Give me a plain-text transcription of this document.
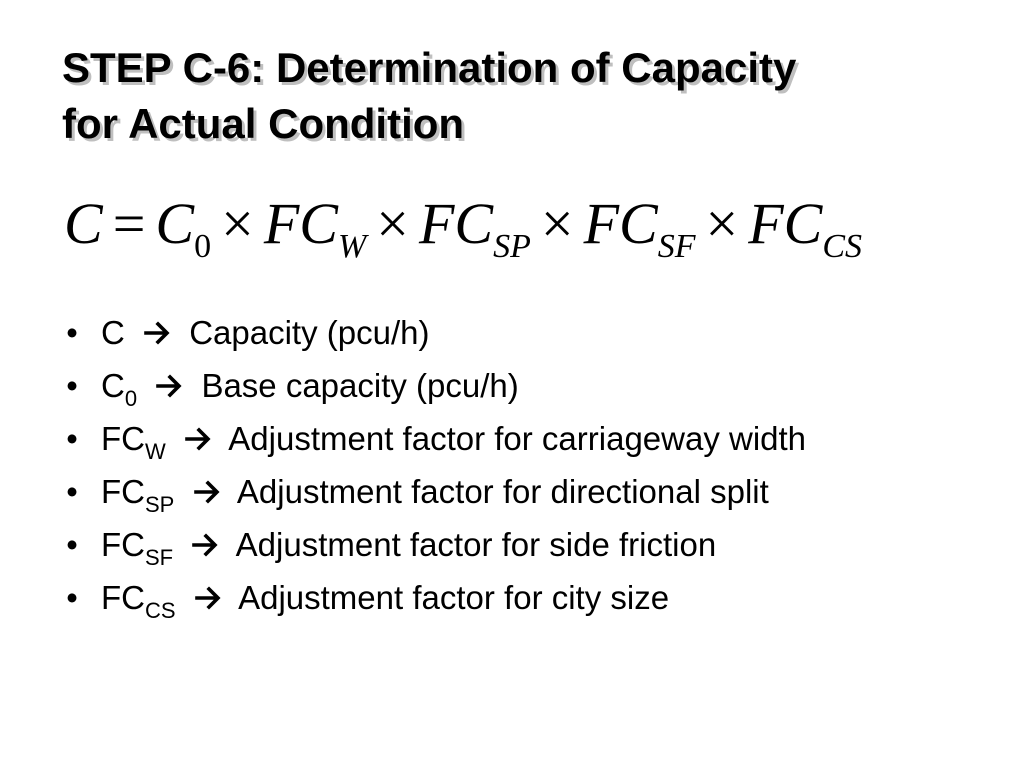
STEP C-6: Determination of Capacity
for Actual Condition
$C = C_0 \times FC_W \times FC_{SP} \times FC_{SF} \times FC_{CS}$
• C Capacity (pcu/h)
• $C_0$ Base capacity (pcu/h)
• $FC_W$ Adjustment factor for carriageway width
• $FC_{SP}$ Adjustment factor for directional split
• $FC_{SF}$ Adjustment factor for side friction
• $FC_{CS}$ Adjustment factor for city size
